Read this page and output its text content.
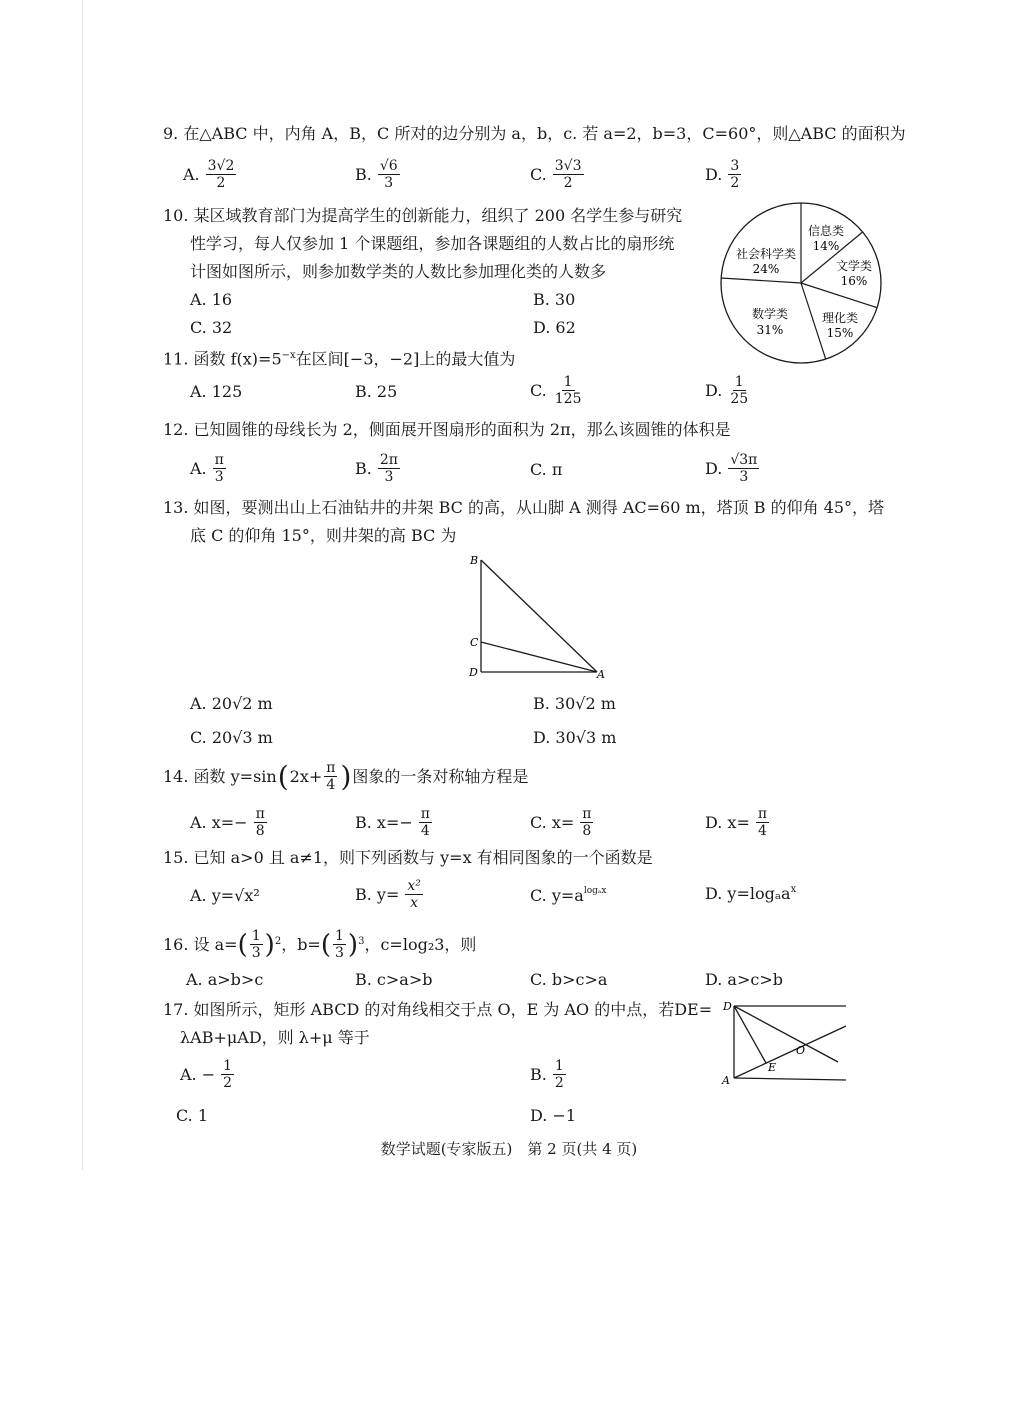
9. 在△ABC 中，内角 A，B，C 所对的边分别为 a，b，c. 若 a=2，b=3，C=60°，则△ABC 的面积为
A. $\frac{3√2}{2}$	B. $\frac{√6}{3}$	C. $\frac{3√3}{2}$	D. $\frac{3}{2}$
10. 某区域教育部门为提高学生的创新能力，组织了 200 名学生参与研究
性学习，每人仅参加 1 个课题组，参加各课题组的人数占比的扇形统
计图如图所示，则参加数学类的人数比参加理化类的人数多
A. 16	B. 30
C. 32	D. 62
信息类
14%
文学类
16%
理化类
15%
数学类
31%
社会科学类
24%
11. 函数 $f(x)=5^{-x}$在区间[−3，−2]上的最大值为
A. 125	B. 25	C. $\frac{1}{125}$	D. $\frac{1}{25}$
12. 已知圆锥的母线长为 2，侧面展开图扇形的面积为 2π，那么该圆锥的体积是
A. $\frac{\pi}{3}$	B. $\frac{2\pi}{3}$	C. π	D. $\frac{√3\pi}{3}$
13. 如图，要测出山上石油钻井的井架 BC 的高，从山脚 A 测得 AC=60 m，塔顶 B 的仰角 45°，塔
底 C 的仰角 15°，则井架的高 BC 为
B
C
D	A
A. 20√2 m	B. 30√2 m
C. 20√3 m	D. 30√3 m
14. 函数 y=sin ( $2x+ \frac{\pi}{4}$ ) 图象的一条对称轴方程是
A. $x=- \frac{\pi}{8}$	B. $x=- \frac{\pi}{4}$	C. $x= \frac{\pi}{8}$	D. $x= \frac{\pi}{4}$
15. 已知 a>0 且 a≠1，则下列函数与 y=x 有相同图象的一个函数是
A. y=√x²	B. $y= \frac{\text{x²}}{x}$	C. $y=a^{log_ax}$	D. y=logₐa$^x$
16. 设 a= ( $\frac{1}{3}$ ) 2 ，b= ( $\frac{1}{3}$ ) 3 ，c=log₂3，则
A. a>b>c	B. c>a>b	C. b>c>a	D. a>c>b
17. 如图所示，矩形 ABCD 的对角线相交于点 O，E 为 AO 的中点，若DE=
λAB+μAD，则 λ+μ 等于
A. − $\frac{1}{2}$	B. $\frac{1}{2}$
C. 1	D. −1
D
A
E
O
数学试题(专家版五)　第 2 页(共 4 页)
